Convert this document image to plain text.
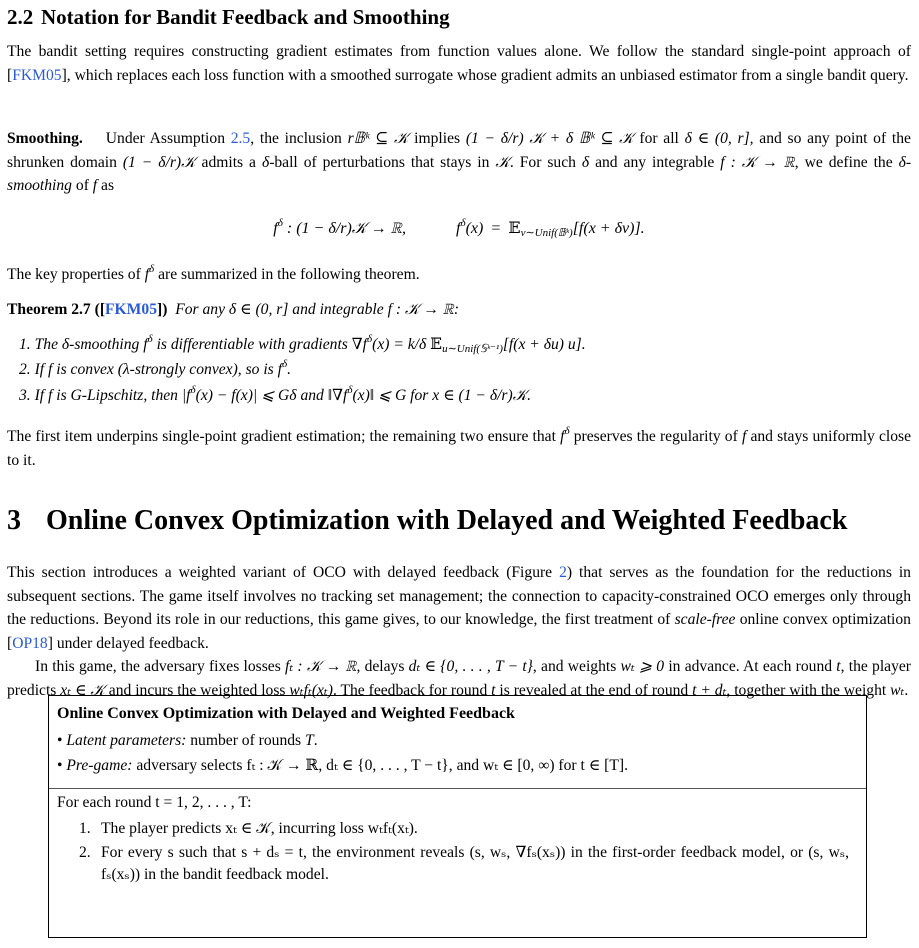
2.2 Notation for Bandit Feedback and Smoothing

The bandit setting requires constructing gradient estimates from function values alone. We follow the standard single-point approach of [FKM05], which replaces each loss function with a smoothed surrogate whose gradient admits an unbiased estimator from a single bandit query.

Smoothing. Under Assumption 2.5, the inclusion r𝔹ᵏ ⊆ 𝒦 implies (1 − δ/r) 𝒦 + δ 𝔹ᵏ ⊆ 𝒦 for all δ ∈ (0, r], and so any point of the shrunken domain (1 − δ/r)𝒦 admits a δ-ball of perturbations that stays in 𝒦. For such δ and any integrable f : 𝒦 → ℝ, we define the δ-smoothing of f as

$f^\delta$ : (1 − δ/r)𝒦 → ℝ,	$f^\delta(x)$ = 𝔼$_{v\sim Unif(𝔹ᵏ)}$[f(x + δv)].

The key properties of $f^\delta$ are summarized in the following theorem.

Theorem 2.7 ([FKM05]) For any δ ∈ (0, r] and integrable f : 𝒦 → ℝ:
1. The δ-smoothing $f^\delta$ is differentiable with gradients $\nabla f^\delta(x) = k/\delta$ 𝔼$_{u\sim Unif(𝕊ᵏ^{-1})}$[f(x + δu) u].
2. If f is convex (λ-strongly convex), so is $f^\delta$.
3. If f is G-Lipschitz, then $|f^\delta(x) - f(x)|$ ⩽ Gδ and $‖\nabla f^\delta(x)‖$ ⩽ G for x ∈ (1 − δ/r)𝒦.

The first item underpins single-point gradient estimation; the remaining two ensure that $f^\delta$ preserves the regularity of f and stays uniformly close to it.

3 Online Convex Optimization with Delayed and Weighted Feedback

This section introduces a weighted variant of OCO with delayed feedback (Figure 2) that serves as the foundation for the reductions in subsequent sections. The game itself involves no tracking set management; the connection to capacity-constrained OCO emerges only through the reductions. Beyond its role in our reductions, this game gives, to our knowledge, the first treatment of scale-free online convex optimization [OP18] under delayed feedback.

In this game, the adversary fixes losses fₜ : 𝒦 → ℝ, delays dₜ ∈ {0, . . . , T − t}, and weights wₜ ⩾ 0 in advance. At each round t, the player predicts xₜ ∈ 𝒦 and incurs the weighted loss wₜfₜ(xₜ). The feedback for round t is revealed at the end of round t + dₜ, together with the weight wₜ.

Online Convex Optimization with Delayed and Weighted Feedback
• Latent parameters: number of rounds T.
• Pre-game: adversary selects fₜ : 𝒦 → ℝ, dₜ ∈ {0, . . . , T − t}, and wₜ ∈ [0, ∞) for t ∈ [T].
For each round t = 1, 2, . . . , T:
1. The player predicts xₜ ∈ 𝒦, incurring loss wₜfₜ(xₜ).
2. For every s such that s + dₛ = t, the environment reveals (s, wₛ, ∇fₛ(xₛ)) in the first-order feedback model, or (s, wₛ, fₛ(xₛ)) in the bandit feedback model.
